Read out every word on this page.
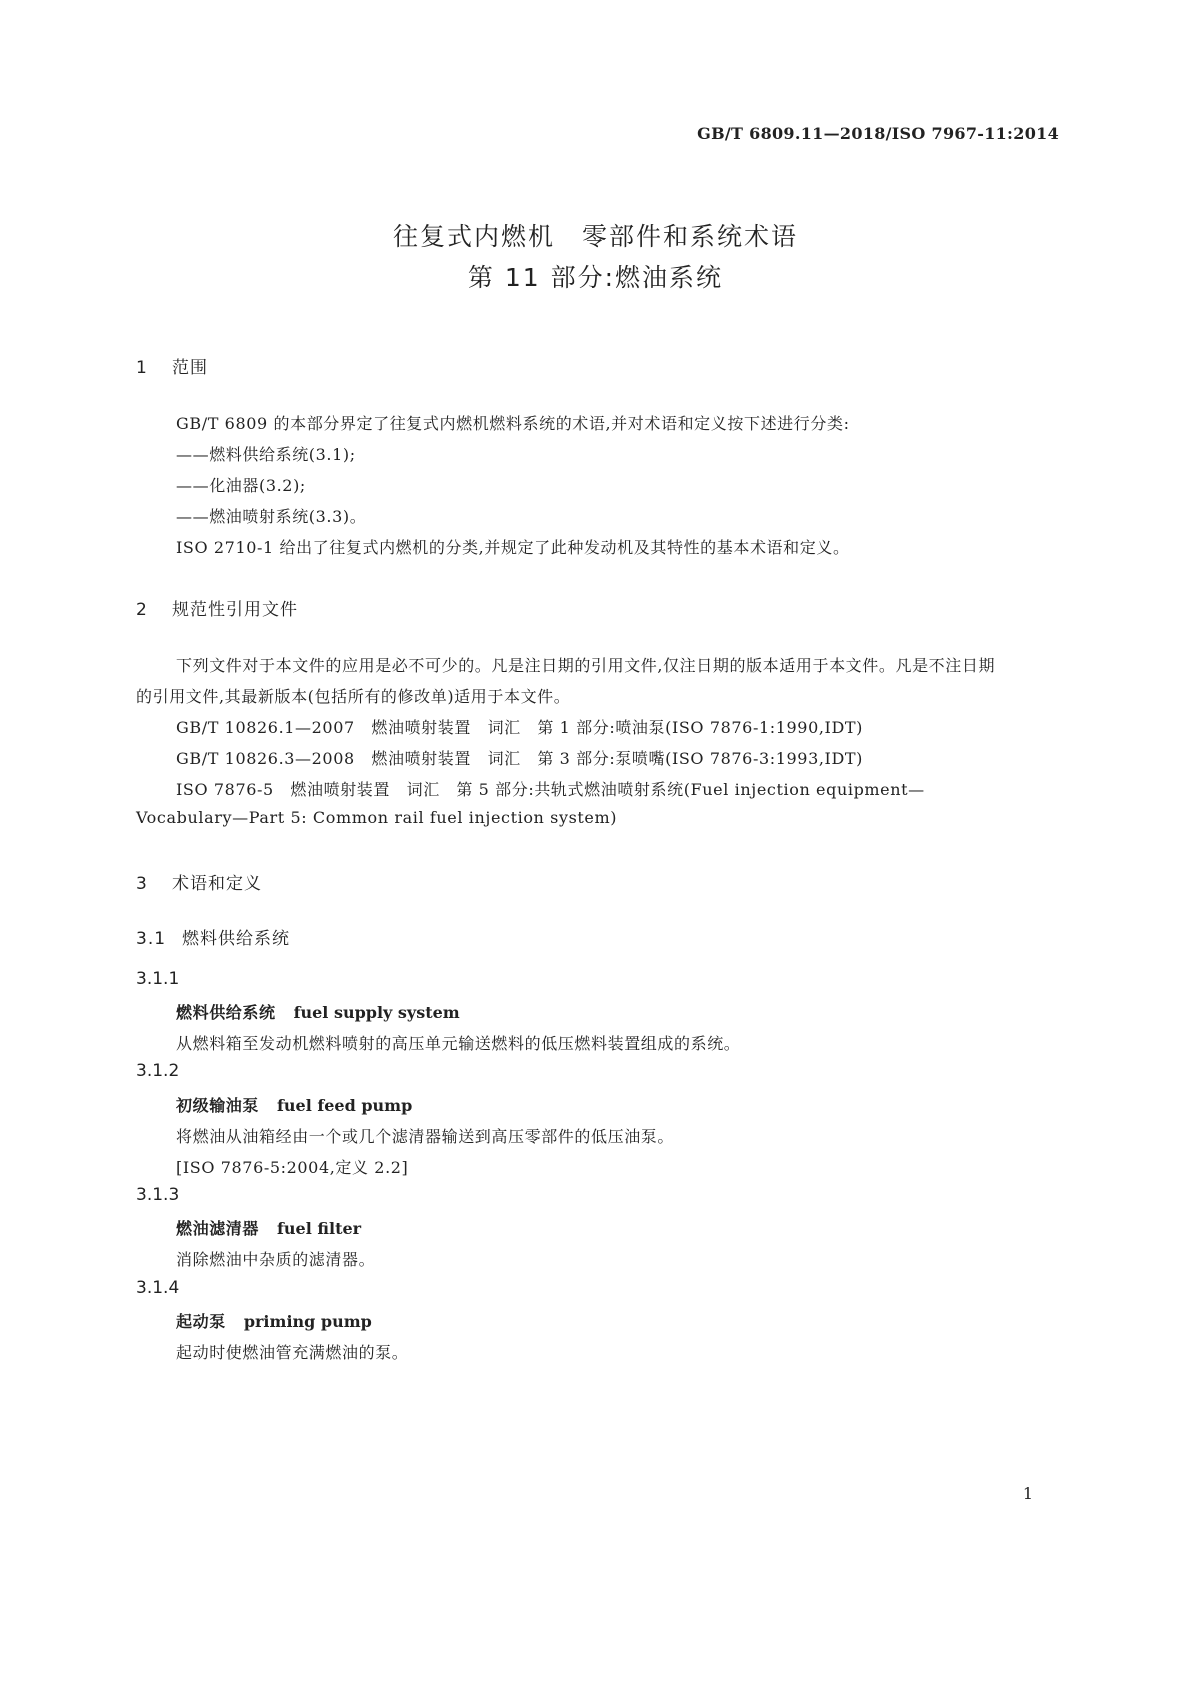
GB/T 6809.11—2018/ISO 7967-11:2014
往复式内燃机　零部件和系统术语
第 11 部分:燃油系统
1 范围
GB/T 6809 的本部分界定了往复式内燃机燃料系统的术语,并对术语和定义按下述进行分类:
——燃料供给系统(3.1);
——化油器(3.2);
——燃油喷射系统(3.3)。
ISO 2710-1 给出了往复式内燃机的分类,并规定了此种发动机及其特性的基本术语和定义。
2 规范性引用文件
下列文件对于本文件的应用是必不可少的。凡是注日期的引用文件,仅注日期的版本适用于本文件。凡是不注日期的引用文件,其最新版本(包括所有的修改单)适用于本文件。
GB/T 10826.1—2007　燃油喷射装置　词汇　第 1 部分:喷油泵(ISO 7876-1:1990,IDT)
GB/T 10826.3—2008　燃油喷射装置　词汇　第 3 部分:泵喷嘴(ISO 7876-3:1993,IDT)
ISO 7876-5　燃油喷射装置　词汇　第 5 部分:共轨式燃油喷射系统(Fuel injection equipment—
Vocabulary—Part 5: Common rail fuel injection system)
3 术语和定义
3.1 燃料供给系统
3.1.1
燃料供给系统 fuel supply system
从燃料箱至发动机燃料喷射的高压单元输送燃料的低压燃料装置组成的系统。
3.1.2
初级输油泵 fuel feed pump
将燃油从油箱经由一个或几个滤清器输送到高压零部件的低压油泵。
[ISO 7876-5:2004,定义 2.2]
3.1.3
燃油滤清器 fuel filter
消除燃油中杂质的滤清器。
3.1.4
起动泵 priming pump
起动时使燃油管充满燃油的泵。
1
